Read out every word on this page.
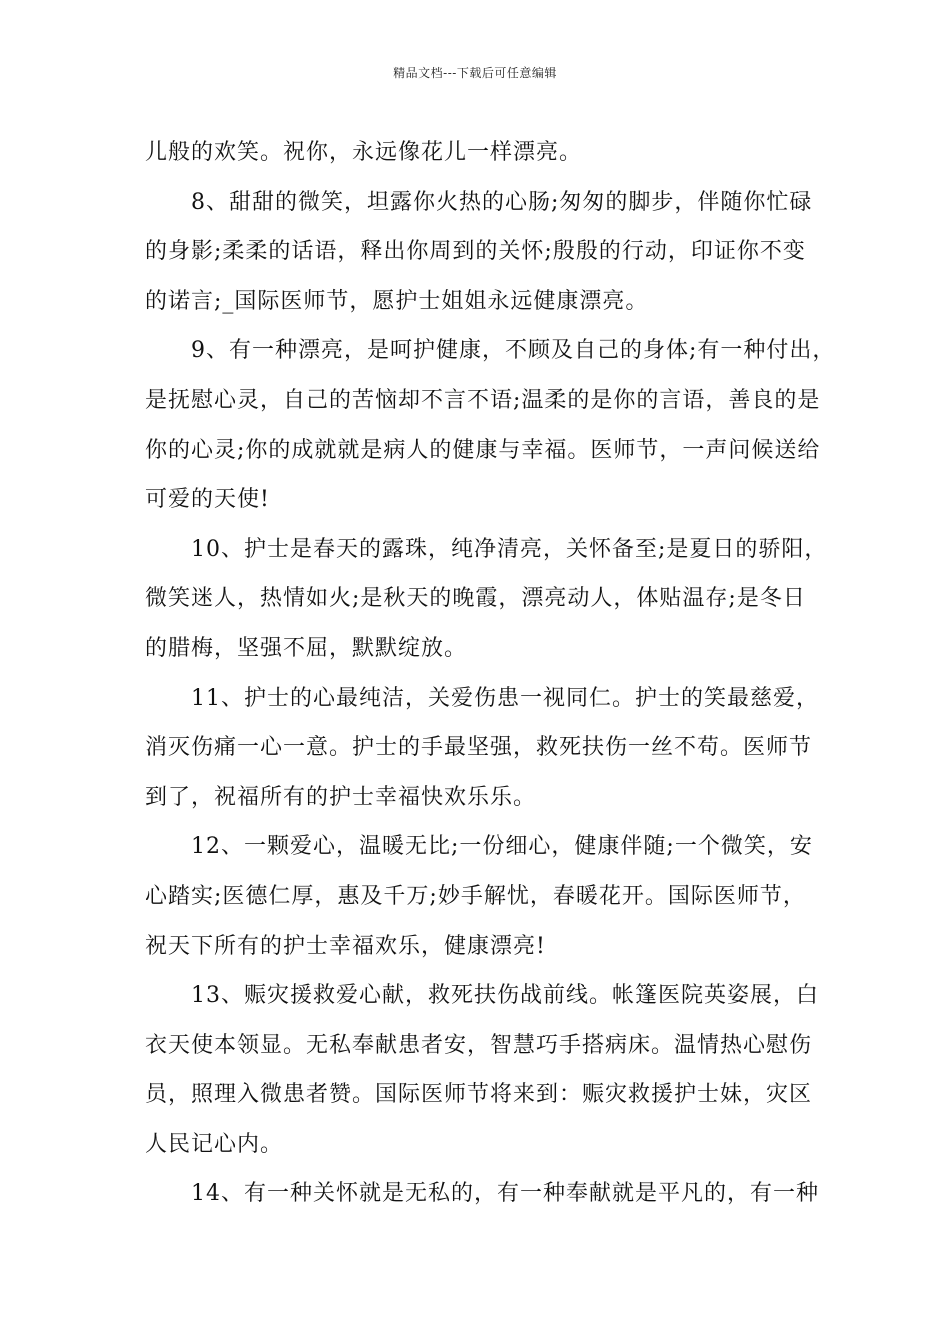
精品文档---下载后可任意编辑
儿般的欢笑。祝你，永远像花儿一样漂亮。
　　8、甜甜的微笑，坦露你火热的心肠;匆匆的脚步，伴随你忙碌
的身影;柔柔的话语，释出你周到的关怀;殷殷的行动，印证你不变
的诺言;_国际医师节，愿护士姐姐永远健康漂亮。
　　9、有一种漂亮，是呵护健康，不顾及自己的身体;有一种付出，
是抚慰心灵，自己的苦恼却不言不语;温柔的是你的言语，善良的是
你的心灵;你的成就就是病人的健康与幸福。医师节，一声问候送给
可爱的天使!
　　10、护士是春天的露珠，纯净清亮，关怀备至;是夏日的骄阳，
微笑迷人，热情如火;是秋天的晚霞，漂亮动人，体贴温存;是冬日
的腊梅，坚强不屈，默默绽放。
　　11、护士的心最纯洁，关爱伤患一视同仁。护士的笑最慈爱，
消灭伤痛一心一意。护士的手最坚强，救死扶伤一丝不苟。医师节
到了，祝福所有的护士幸福快欢乐乐。
　　12、一颗爱心，温暖无比;一份细心，健康伴随;一个微笑，安
心踏实;医德仁厚，惠及千万;妙手解忧，春暖花开。国际医师节，
祝天下所有的护士幸福欢乐，健康漂亮!
　　13、赈灾援救爱心献，救死扶伤战前线。帐篷医院英姿展，白
衣天使本领显。无私奉献患者安，智慧巧手搭病床。温情热心慰伤
员，照理入微患者赞。国际医师节将来到：赈灾救援护士妹，灾区
人民记心内。
　　14、有一种关怀就是无私的，有一种奉献就是平凡的，有一种
